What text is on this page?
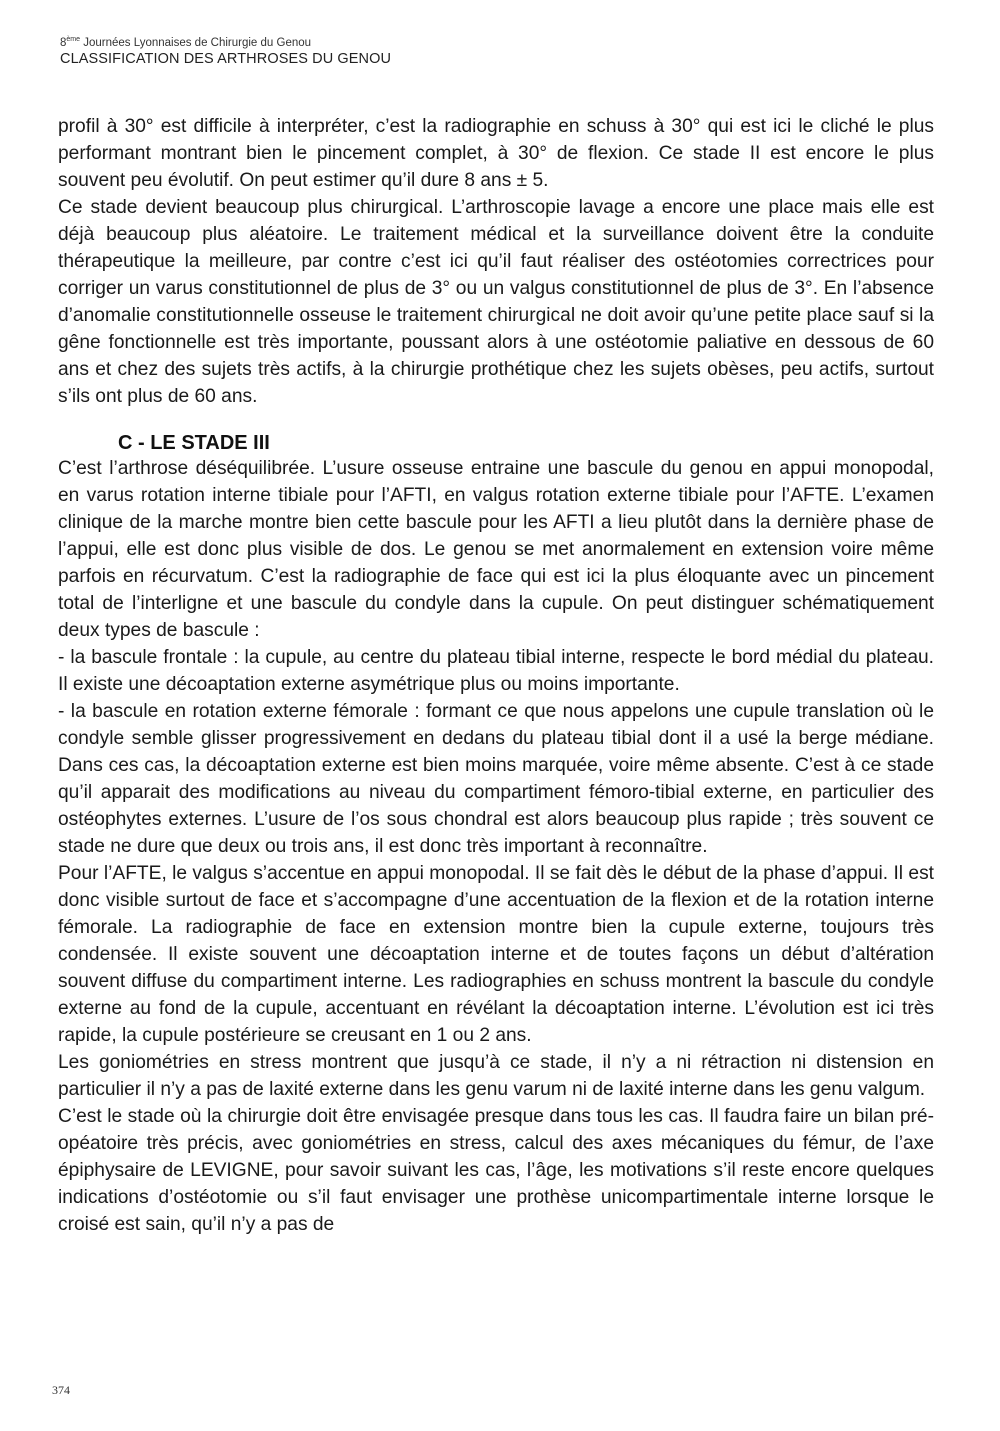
8ème Journées Lyonnaises de Chirurgie du Genou
CLASSIFICATION DES ARTHROSES DU GENOU

profil à 30° est difficile à interpréter, c’est la radiographie en schuss à 30° qui est ici le cliché le plus performant montrant bien le pincement complet, à 30° de flexion. Ce stade II est encore le plus souvent peu évolutif. On peut estimer qu’il dure 8 ans ± 5.

Ce stade devient beaucoup plus chirurgical. L’arthroscopie lavage a encore une place mais elle est déjà beaucoup plus aléatoire. Le traitement médical et la surveillance doivent être la conduite thérapeutique la meilleure, par contre c’est ici qu’il faut réaliser des ostéotomies correctrices pour corriger un varus constitutionnel de plus de 3° ou un valgus constitutionnel de plus de 3°. En l’absence d’anomalie constitutionnelle osseuse le traitement chirurgical ne doit avoir qu’une petite place sauf si la gêne fonctionnelle est très importante, poussant alors à une ostéotomie paliative en dessous de 60 ans et chez des sujets très actifs, à la chirurgie prothétique chez les sujets obèses, peu actifs, surtout s’ils ont plus de 60 ans.

C - LE STADE III

C’est l’arthrose déséquilibrée. L’usure osseuse entraine une bascule du genou en appui monopodal, en varus rotation interne tibiale pour l’AFTI, en valgus rotation externe tibiale pour l’AFTE. L’examen clinique de la marche montre bien cette bascule pour les AFTI a lieu plutôt dans la dernière phase de l’appui, elle est donc plus visible de dos. Le genou se met anormalement en extension voire même parfois en récurvatum. C’est la radiographie de face qui est ici la plus éloquante avec un pincement total de l’interligne et une bascule du condyle dans la cupule. On peut distinguer schématiquement deux types de bascule :

- la bascule frontale : la cupule, au centre du plateau tibial interne, respecte le bord médial du plateau. Il existe une décoaptation externe asymétrique plus ou moins importante.

- la bascule en rotation externe fémorale : formant ce que nous appelons une cupule translation où le condyle semble glisser progressivement en dedans du plateau tibial dont il a usé la berge médiane. Dans ces cas, la décoaptation externe est bien moins marquée, voire même absente. C’est à ce stade qu’il apparait des modifications au niveau du compartiment fémoro-tibial externe, en particulier des ostéophytes externes. L’usure de l’os sous chondral est alors beaucoup plus rapide ; très souvent ce stade ne dure que deux ou trois ans, il est donc très important à reconnaître.

Pour l’AFTE, le valgus s’accentue en appui monopodal. Il se fait dès le début de la phase d’appui. Il est donc visible surtout de face et s’accompagne d’une accentuation de la flexion et de la rotation interne fémorale. La radiographie de face en extension montre bien la cupule externe, toujours très condensée. Il existe souvent une décoaptation interne et de toutes façons un début d’altération souvent diffuse du compartiment interne. Les radiographies en schuss montrent la bascule du condyle externe au fond de la cupule, accentuant en révélant la décoaptation interne. L’évolution est ici très rapide, la cupule postérieure se creusant en 1 ou 2 ans.

Les goniométries en stress montrent que jusqu’à ce stade, il n’y a ni rétraction ni distension en particulier il n’y a pas de laxité externe dans les genu varum ni de laxité interne dans les genu valgum.

C’est le stade où la chirurgie doit être envisagée presque dans tous les cas. Il faudra faire un bilan pré-opéatoire très précis, avec goniométries en stress, calcul des axes mécaniques du fémur, de l’axe épiphysaire de LEVIGNE, pour savoir suivant les cas, l’âge, les motivations s’il reste encore quelques indications d’ostéotomie ou s’il faut envisager une prothèse unicompartimentale interne lorsque le croisé est sain, qu’il n’y a pas de

374
